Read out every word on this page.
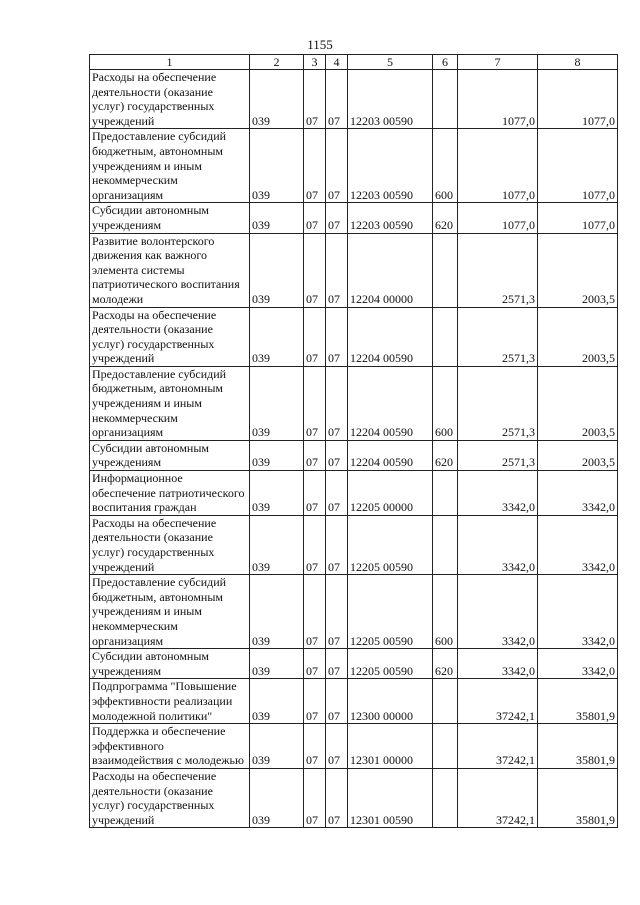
1155
1	2	3	4	5	6	7	8
Расходы на обеспечение деятельности (оказание услуг) государственных учреждений	039	07	07	12203 00590		1077,0	1077,0
Предоставление субсидий бюджетным, автономным учреждениям и иным некоммерческим организациям	039	07	07	12203 00590	600	1077,0	1077,0
Субсидии автономным учреждениям	039	07	07	12203 00590	620	1077,0	1077,0
Развитие волонтерского движения как важного элемента системы патриотического воспитания молодежи	039	07	07	12204 00000		2571,3	2003,5
Расходы на обеспечение деятельности (оказание услуг) государственных учреждений	039	07	07	12204 00590		2571,3	2003,5
Предоставление субсидий бюджетным, автономным учреждениям и иным некоммерческим организациям	039	07	07	12204 00590	600	2571,3	2003,5
Субсидии автономным учреждениям	039	07	07	12204 00590	620	2571,3	2003,5
Информационное обеспечение патриотического воспитания граждан	039	07	07	12205 00000		3342,0	3342,0
Расходы на обеспечение деятельности (оказание услуг) государственных учреждений	039	07	07	12205 00590		3342,0	3342,0
Предоставление субсидий бюджетным, автономным учреждениям и иным некоммерческим организациям	039	07	07	12205 00590	600	3342,0	3342,0
Субсидии автономным учреждениям	039	07	07	12205 00590	620	3342,0	3342,0
Подпрограмма "Повышение эффективности реализации молодежной политики"	039	07	07	12300 00000		37242,1	35801,9
Поддержка и обеспечение эффективного взаимодействия с молодежью	039	07	07	12301 00000		37242,1	35801,9
Расходы на обеспечение деятельности (оказание услуг) государственных учреждений	039	07	07	12301 00590		37242,1	35801,9
